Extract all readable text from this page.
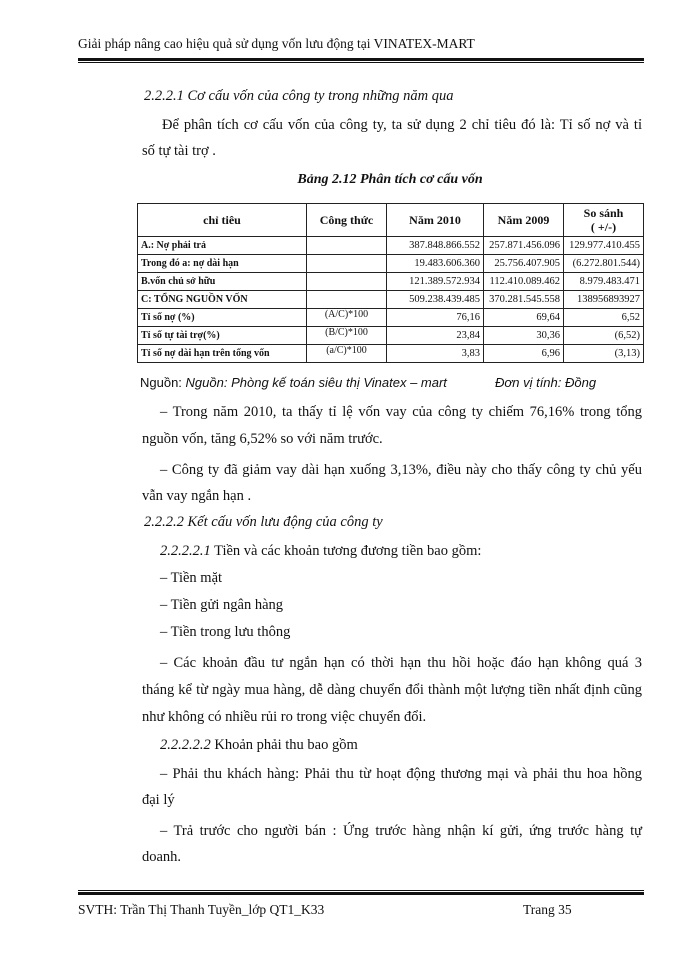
Giải pháp nâng cao hiệu quả sử dụng vốn lưu động tại VINATEX-MART
2.2.2.1 Cơ cấu vốn của công ty trong những năm qua
Để phân tích cơ cấu vốn của công ty, ta sử dụng 2 chỉ tiêu đó là: Tỉ số nợ và tỉ
số tự tài trợ .
Bảng 2.12 Phân tích cơ cấu vốn
chỉ tiêu	Công thức	Năm 2010	Năm 2009	So sánh
( +/-)
A.: Nợ phải trả		387.848.866.552	257.871.456.096	129.977.410.455
Trong đó a: nợ dài hạn		19.483.606.360	25.756.407.905	(6.272.801.544)
B.vốn chủ sở hữu		121.389.572.934	112.410.089.462	8.979.483.471
C: TỔNG NGUỒN VỐN		509.238.439.485	370.281.545.558	138956893927
Tỉ số nợ (%)	(A/C)*100	76,16	69,64	6,52
Tỉ số tự tài trợ(%)	(B/C)*100	23,84	30,36	(6,52)
Tỉ số nợ dài hạn trên tổng vốn	(a/C)*100	3,83	6,96	(3,13)
Nguồn: Nguồn: Phòng kế toán siêu thị Vinatex – mart	Đơn vị tính: Đồng
– Trong năm 2010, ta thấy tỉ lệ vốn vay của công ty chiếm 76,16% trong tổng
nguồn vốn, tăng 6,52% so với năm trước.
– Công ty đã giảm vay dài hạn xuống 3,13%, điều này cho thấy công ty chủ yếu
vẫn vay ngắn hạn .
2.2.2.2 Kết cấu vốn lưu động của công ty
2.2.2.2.1 Tiền và các khoản tương đương tiền bao gồm:
– Tiền mặt
– Tiền gửi ngân hàng
– Tiền trong lưu thông
– Các khoản đầu tư ngắn hạn có thời hạn thu hồi hoặc đáo hạn không quá 3
tháng kể từ ngày mua hàng, dễ dàng chuyển đổi thành một lượng tiền nhất định cũng
như không có nhiều rủi ro trong việc chuyển đổi.
2.2.2.2.2 Khoản phải thu bao gồm
– Phải thu khách hàng: Phải thu từ hoạt động thương mại và phải thu hoa hồng
đại lý
– Trả trước cho người bán : Ứng trước hàng nhận kí gửi, ứng trước hàng tự
doanh.
SVTH: Trần Thị Thanh Tuyền_lớp QT1_K33	Trang 35
